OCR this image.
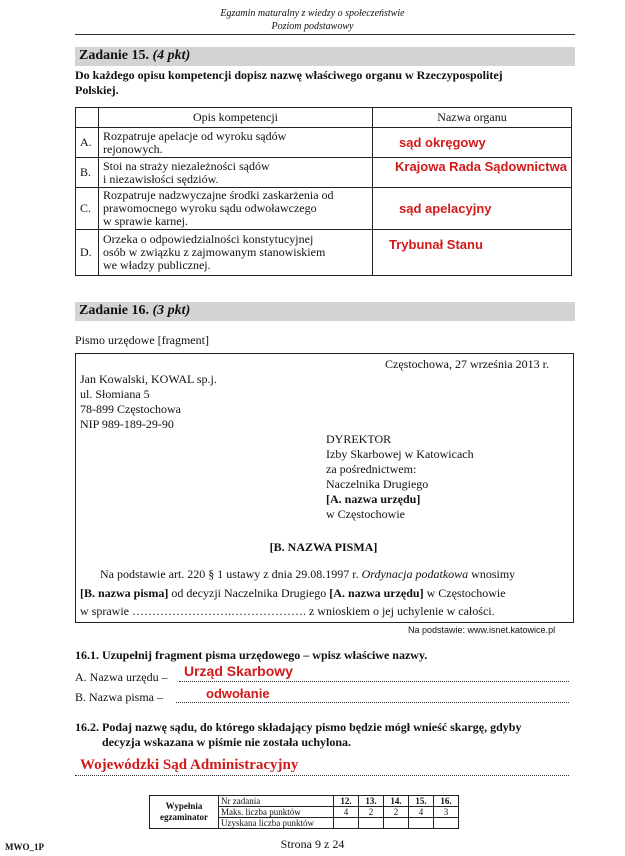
Egzamin maturalny z wiedzy o społeczeństwie
Poziom podstawowy
Zadanie 15. (4 pkt)
Do każdego opisu kompetencji dopisz nazwę właściwego organu w Rzeczypospolitej
Polskiej.
	Opis kompetencji	Nazwa organu
A.	Rozpatruje apelacje od wyroku sądów
rejonowych.	sąd okręgowy
B.	Stoi na straży niezależności sądów
i niezawisłości sędziów.	Krajowa Rada Sądownictwa
C.	Rozpatruje nadzwyczajne środki zaskarżenia od
prawomocnego wyroku sądu odwoławczego
w sprawie karnej.	sąd apelacyjny
D.	Orzeka o odpowiedzialności konstytucyjnej
osób w związku z zajmowanym stanowiskiem
we władzy publicznej.	Trybunał Stanu
Zadanie 16. (3 pkt)
Pismo urzędowe [fragment]
Częstochowa, 27 września 2013 r.
Jan Kowalski, KOWAL sp.j.
ul. Słomiana 5
78-899 Częstochowa
NIP 989-189-29-90
DYREKTOR
Izby Skarbowej w Katowicach
za pośrednictwem:
Naczelnika Drugiego
[A. nazwa urzędu]
w Częstochowie
[B. NAZWA PISMA]
Na podstawie art. 220 § 1 ustawy z dnia 29.08.1997 r. Ordynacja podatkowa wnosimy
[B. nazwa pisma] od decyzji Naczelnika Drugiego [A. nazwa urzędu] w Częstochowie
w sprawie …………………….………………. z wnioskiem o jej uchylenie w całości.
Na podstawie: www.isnet.katowice.pl
16.1. Uzupełnij fragment pisma urzędowego – wpisz właściwe nazwy.
A. Nazwa urzędu – Urząd Skarbowy
B. Nazwa pisma –	odwołanie
16.2. Podaj nazwę sądu, do którego składający pismo będzie mógł wnieść skargę, gdyby
decyzja wskazana w piśmie nie została uchylona.
Wojewódzki Sąd Administracyjny
Wypełnia
egzaminator	Nr zadania	12.	13.	14.	15.	16.
	Maks. liczba punktów	4	2	2	4	3
	Uzyskana liczba punktów					
MWO_1P	Strona 9 z 24
